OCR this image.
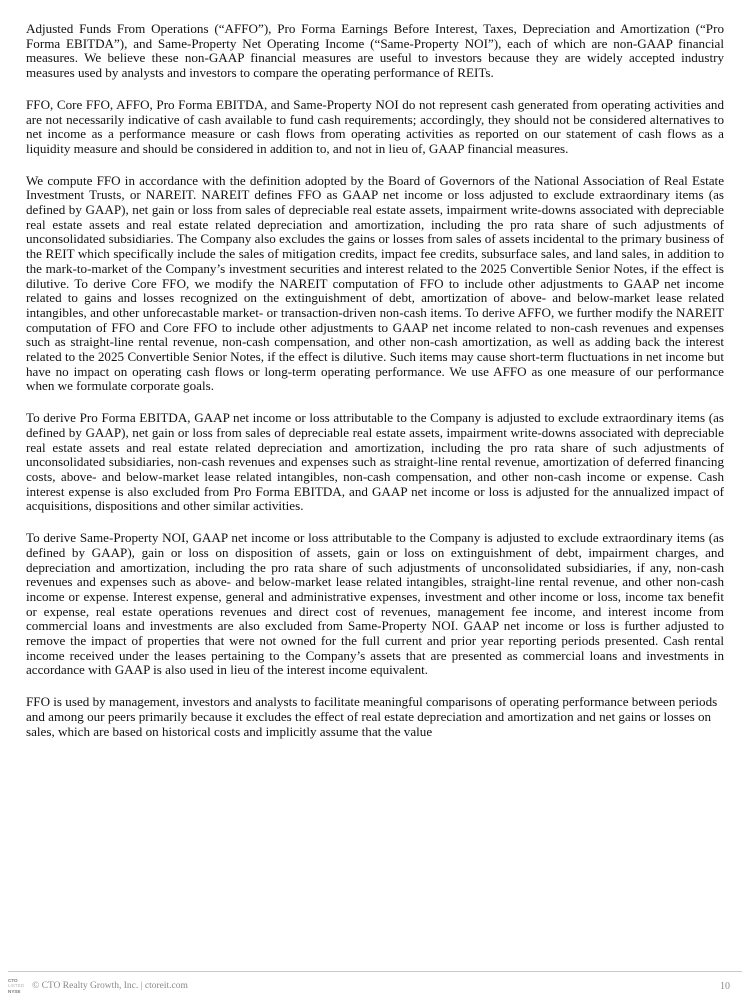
Adjusted Funds From Operations (“AFFO”), Pro Forma Earnings Before Interest, Taxes, Depreciation and Amortization (“Pro Forma EBITDA”), and Same-Property Net Operating Income (“Same-Property NOI”), each of which are non-GAAP financial measures. We believe these non-GAAP financial measures are useful to investors because they are widely accepted industry measures used by analysts and investors to compare the operating performance of REITs.

FFO, Core FFO, AFFO, Pro Forma EBITDA, and Same-Property NOI do not represent cash generated from operating activities and are not necessarily indicative of cash available to fund cash requirements; accordingly, they should not be considered alternatives to net income as a performance measure or cash flows from operating activities as reported on our statement of cash flows as a liquidity measure and should be considered in addition to, and not in lieu of, GAAP financial measures.

We compute FFO in accordance with the definition adopted by the Board of Governors of the National Association of Real Estate Investment Trusts, or NAREIT. NAREIT defines FFO as GAAP net income or loss adjusted to exclude extraordinary items (as defined by GAAP), net gain or loss from sales of depreciable real estate assets, impairment write-downs associated with depreciable real estate assets and real estate related depreciation and amortization, including the pro rata share of such adjustments of unconsolidated subsidiaries. The Company also excludes the gains or losses from sales of assets incidental to the primary business of the REIT which specifically include the sales of mitigation credits, impact fee credits, subsurface sales, and land sales, in addition to the mark-to-market of the Company’s investment securities and interest related to the 2025 Convertible Senior Notes, if the effect is dilutive. To derive Core FFO, we modify the NAREIT computation of FFO to include other adjustments to GAAP net income related to gains and losses recognized on the extinguishment of debt, amortization of above- and below-market lease related intangibles, and other unforecastable market- or transaction-driven non-cash items. To derive AFFO, we further modify the NAREIT computation of FFO and Core FFO to include other adjustments to GAAP net income related to non-cash revenues and expenses such as straight-line rental revenue, non-cash compensation, and other non-cash amortization, as well as adding back the interest related to the 2025 Convertible Senior Notes, if the effect is dilutive. Such items may cause short-term fluctuations in net income but have no impact on operating cash flows or long-term operating performance. We use AFFO as one measure of our performance when we formulate corporate goals.

To derive Pro Forma EBITDA, GAAP net income or loss attributable to the Company is adjusted to exclude extraordinary items (as defined by GAAP), net gain or loss from sales of depreciable real estate assets, impairment write-downs associated with depreciable real estate assets and real estate related depreciation and amortization, including the pro rata share of such adjustments of unconsolidated subsidiaries, non-cash revenues and expenses such as straight-line rental revenue, amortization of deferred financing costs, above- and below-market lease related intangibles, non-cash compensation, and other non-cash income or expense. Cash interest expense is also excluded from Pro Forma EBITDA, and GAAP net income or loss is adjusted for the annualized impact of acquisitions, dispositions and other similar activities.

To derive Same-Property NOI, GAAP net income or loss attributable to the Company is adjusted to exclude extraordinary items (as defined by GAAP), gain or loss on disposition of assets, gain or loss on extinguishment of debt, impairment charges, and depreciation and amortization, including the pro rata share of such adjustments of unconsolidated subsidiaries, if any, non-cash revenues and expenses such as above- and below-market lease related intangibles, straight-line rental revenue, and other non-cash income or expense. Interest expense, general and administrative expenses, investment and other income or loss, income tax benefit or expense, real estate operations revenues and direct cost of revenues, management fee income, and interest income from commercial loans and investments are also excluded from Same-Property NOI. GAAP net income or loss is further adjusted to remove the impact of properties that were not owned for the full current and prior year reporting periods presented. Cash rental income received under the leases pertaining to the Company’s assets that are presented as commercial loans and investments in accordance with GAAP is also used in lieu of the interest income equivalent.

FFO is used by management, investors and analysts to facilitate meaningful comparisons of operating performance between periods and among our peers primarily because it excludes the effect of real estate depreciation and amortization and net gains or losses on sales, which are based on historical costs and implicitly assume that the value

CTO
LISTED
NYSE
© CTO Realty Growth, Inc. | ctoreit.com	10
